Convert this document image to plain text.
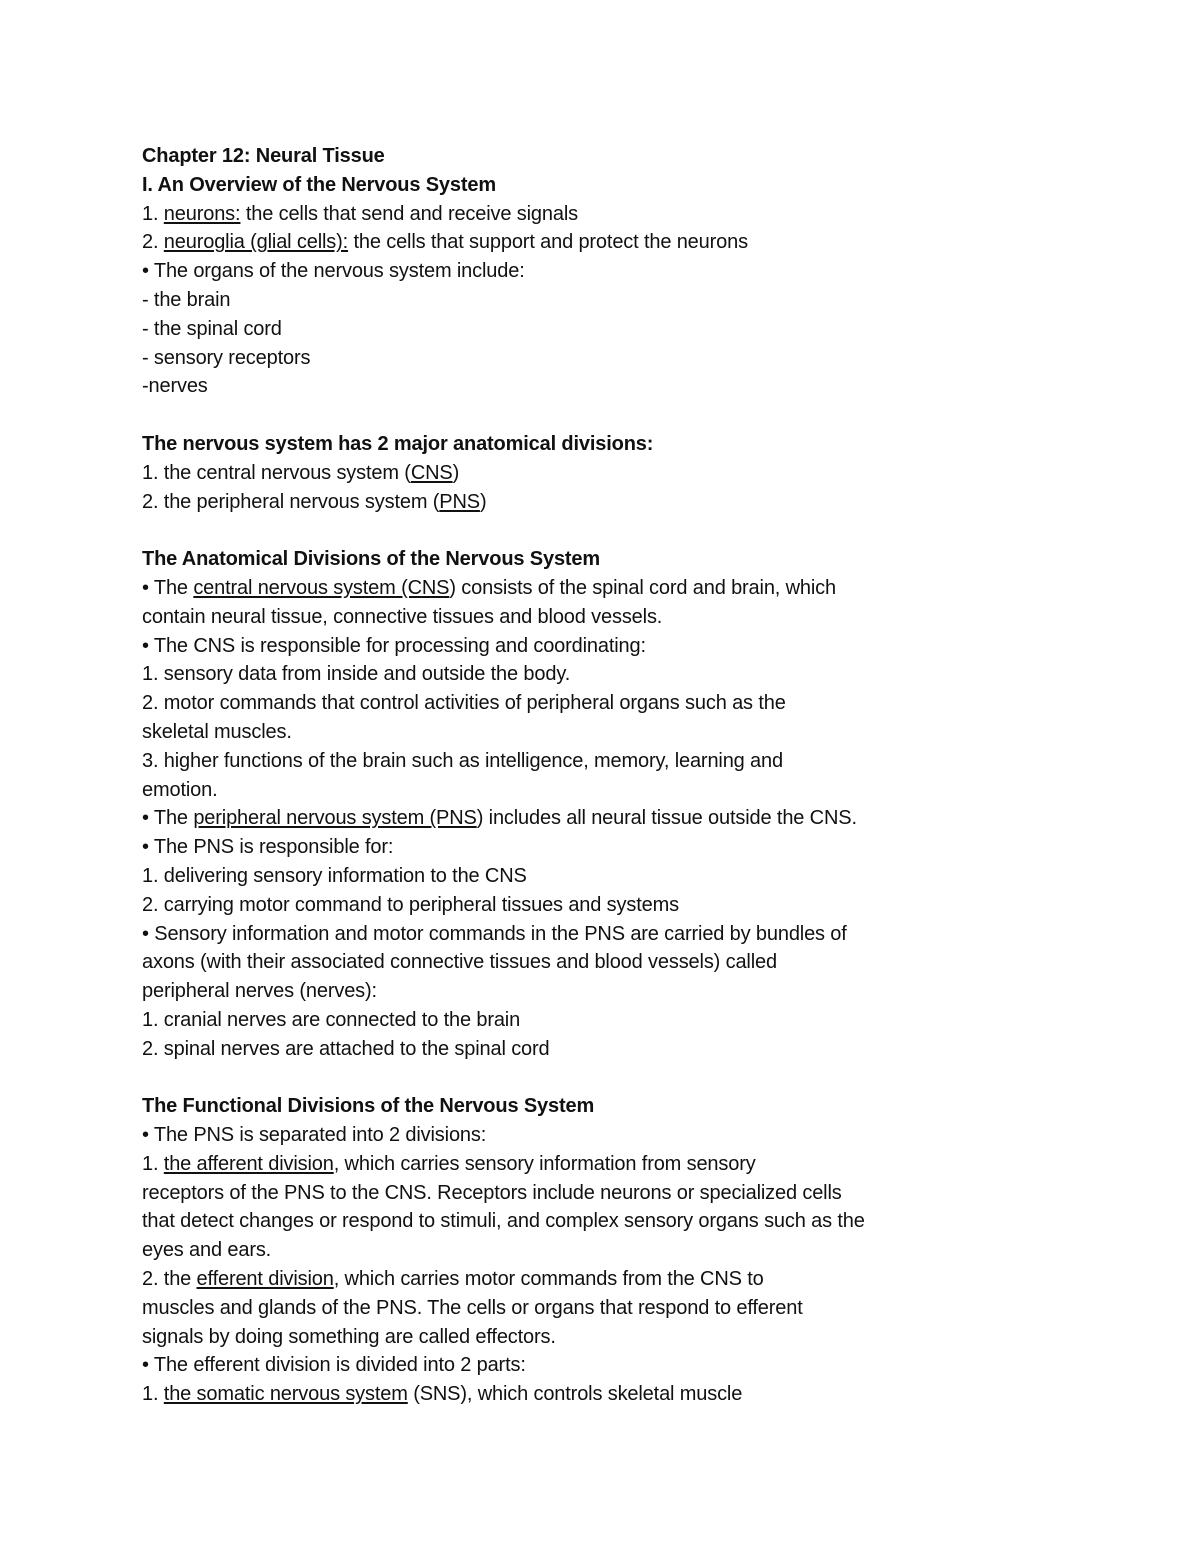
Chapter 12: Neural Tissue
I. An Overview of the Nervous System
1. neurons: the cells that send and receive signals
2. neuroglia (glial cells): the cells that support and protect the neurons
• The organs of the nervous system include:
- the brain
- the spinal cord
- sensory receptors
-nerves
The nervous system has 2 major anatomical divisions:
1. the central nervous system (CNS)
2. the peripheral nervous system (PNS)
The Anatomical Divisions of the Nervous System
• The central nervous system (CNS) consists of the spinal cord and brain, which
contain neural tissue, connective tissues and blood vessels.
• The CNS is responsible for processing and coordinating:
1. sensory data from inside and outside the body.
2. motor commands that control activities of peripheral organs such as the
skeletal muscles.
3. higher functions of the brain such as intelligence, memory, learning and
emotion.
• The peripheral nervous system (PNS) includes all neural tissue outside the CNS.
• The PNS is responsible for:
1. delivering sensory information to the CNS
2. carrying motor command to peripheral tissues and systems
• Sensory information and motor commands in the PNS are carried by bundles of
axons (with their associated connective tissues and blood vessels) called
peripheral nerves (nerves):
1. cranial nerves are connected to the brain
2. spinal nerves are attached to the spinal cord
The Functional Divisions of the Nervous System
• The PNS is separated into 2 divisions:
1. the afferent division, which carries sensory information from sensory
receptors of the PNS to the CNS. Receptors include neurons or specialized cells
that detect changes or respond to stimuli, and complex sensory organs such as the
eyes and ears.
2. the efferent division, which carries motor commands from the CNS to
muscles and glands of the PNS. The cells or organs that respond to efferent
signals by doing something are called effectors.
• The efferent division is divided into 2 parts:
1. the somatic nervous system (SNS), which controls skeletal muscle
